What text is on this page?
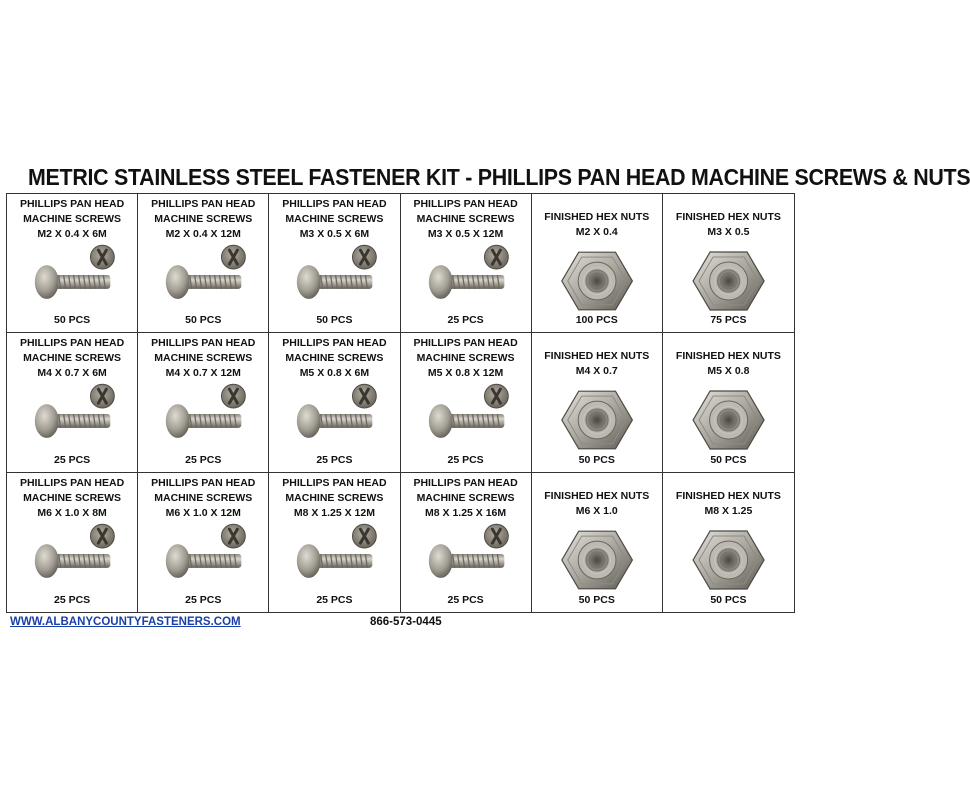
METRIC STAINLESS STEEL FASTENER KIT - PHILLIPS PAN HEAD MACHINE SCREWS & NUTS
PHILLIPS PAN HEAD
MACHINE SCREWS
M2 X 0.4 X 6M
50 PCS
PHILLIPS PAN HEAD
MACHINE SCREWS
M2 X 0.4 X 12M
50 PCS
PHILLIPS PAN HEAD
MACHINE SCREWS
M3 X 0.5 X 6M
50 PCS
PHILLIPS PAN HEAD
MACHINE SCREWS
M3 X 0.5 X 12M
25 PCS
FINISHED HEX NUTS
M2 X 0.4
100 PCS
FINISHED HEX NUTS
M3 X 0.5
75 PCS
PHILLIPS PAN HEAD
MACHINE SCREWS
M4 X 0.7 X 6M
25 PCS
PHILLIPS PAN HEAD
MACHINE SCREWS
M4 X 0.7 X 12M
25 PCS
PHILLIPS PAN HEAD
MACHINE SCREWS
M5 X 0.8 X 6M
25 PCS
PHILLIPS PAN HEAD
MACHINE SCREWS
M5 X 0.8 X 12M
25 PCS
FINISHED HEX NUTS
M4 X 0.7
50 PCS
FINISHED HEX NUTS
M5 X 0.8
50 PCS
PHILLIPS PAN HEAD
MACHINE SCREWS
M6 X 1.0 X 8M
25 PCS
PHILLIPS PAN HEAD
MACHINE SCREWS
M6 X 1.0 X 12M
25 PCS
PHILLIPS PAN HEAD
MACHINE SCREWS
M8 X 1.25 X 12M
25 PCS
PHILLIPS PAN HEAD
MACHINE SCREWS
M8 X 1.25 X 16M
25 PCS
FINISHED HEX NUTS
M6 X 1.0
50 PCS
FINISHED HEX NUTS
M8 X 1.25
50 PCS
WWW.ALBANYCOUNTYFASTENERS.COM	866-573-0445
